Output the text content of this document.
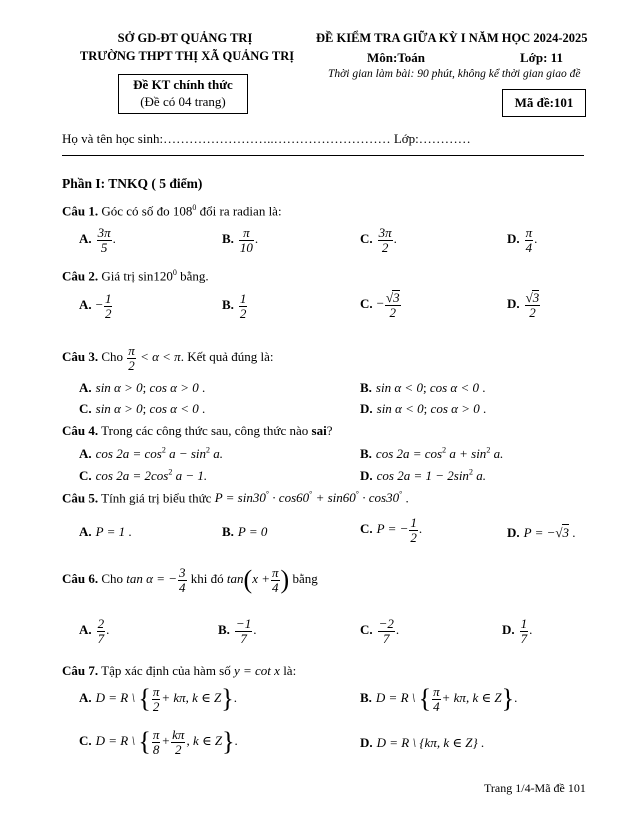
SỞ GD-ĐT QUẢNG TRỊ
TRƯỜNG THPT THỊ XÃ QUẢNG TRỊ
Đề KT chính thức
(Đề có 04 trang)
ĐỀ KIỂM TRA GIỮA KỲ I NĂM HỌC 2024-2025
Môn:Toán	Lớp: 11
Thời gian làm bài: 90 phút, không kể thời gian giao đề
Mã đề:101
Họ và tên học sinh:……………………..……………………… Lớp:…………
Phần I: TNKQ ( 5 điểm)
Câu 1. Góc có số đo $108^0$ đổi ra radian là:
A. $\frac{3\pi}{5}$ .	B. $\frac{\pi}{10}$ .	C. $\frac{3\pi}{2}$ .	D. $\frac{\pi}{4}$ .
Câu 2. Giá trị $\sin 120^0$ bằng.
A. − $\frac{1}{2}$	B. $\frac{1}{2}$	C. − $\frac{√3}{2}$	D. $\frac{√3}{2}$
Câu 3. Cho $\frac{\pi}{2} < \alpha < \pi$. Kết quả đúng là:
A. sin α > 0; cos α > 0 .	B. sin α < 0; cos α < 0 .
C. sin α > 0; cos α < 0 .	D. sin α < 0; cos α > 0 .
Câu 4. Trong các công thức sau, công thức nào sai?
A. $\cos 2a = \cos^2 a - \sin^2 a$.	B. $\cos 2a = \cos^2 a + \sin^2 a$.
C. $\cos 2a = 2\cos^2$ a − 1.	D. $\cos 2a = 1 - 2\sin^2$ a.
Câu 5. Tính giá trị biểu thức P = sin30° · cos60° + sin60° · cos30° .
A. P = 1 .	B. P = 0	C. P = − $\frac{1}{2}$ .	D. P = −√3 .
Câu 6. Cho tan α = − $\frac{3}{4}$ khi đó $\tan(x + \frac{\pi}{4}$ ) bằng
A. $\frac{2}{7}$ .	B. $\frac{-1}{7}$ .	C. $\frac{-2}{7}$ .	D. $\frac{1}{7}$ .
Câu 7. Tập xác định của hàm số y = cot x là:
A. D = R \ { $\frac{\pi}{2} + k\pi$, k ∈ Z}.	B. D = R \ { $\frac{\pi}{4} + k\pi$, k ∈ Z}.
C. D = R \ { $\frac{\pi}{8} + \frac{k\pi}{2}$ , k ∈ Z}.	D. D = R \ {kπ, k ∈ Z} .
Trang 1/4-Mã đề 101
